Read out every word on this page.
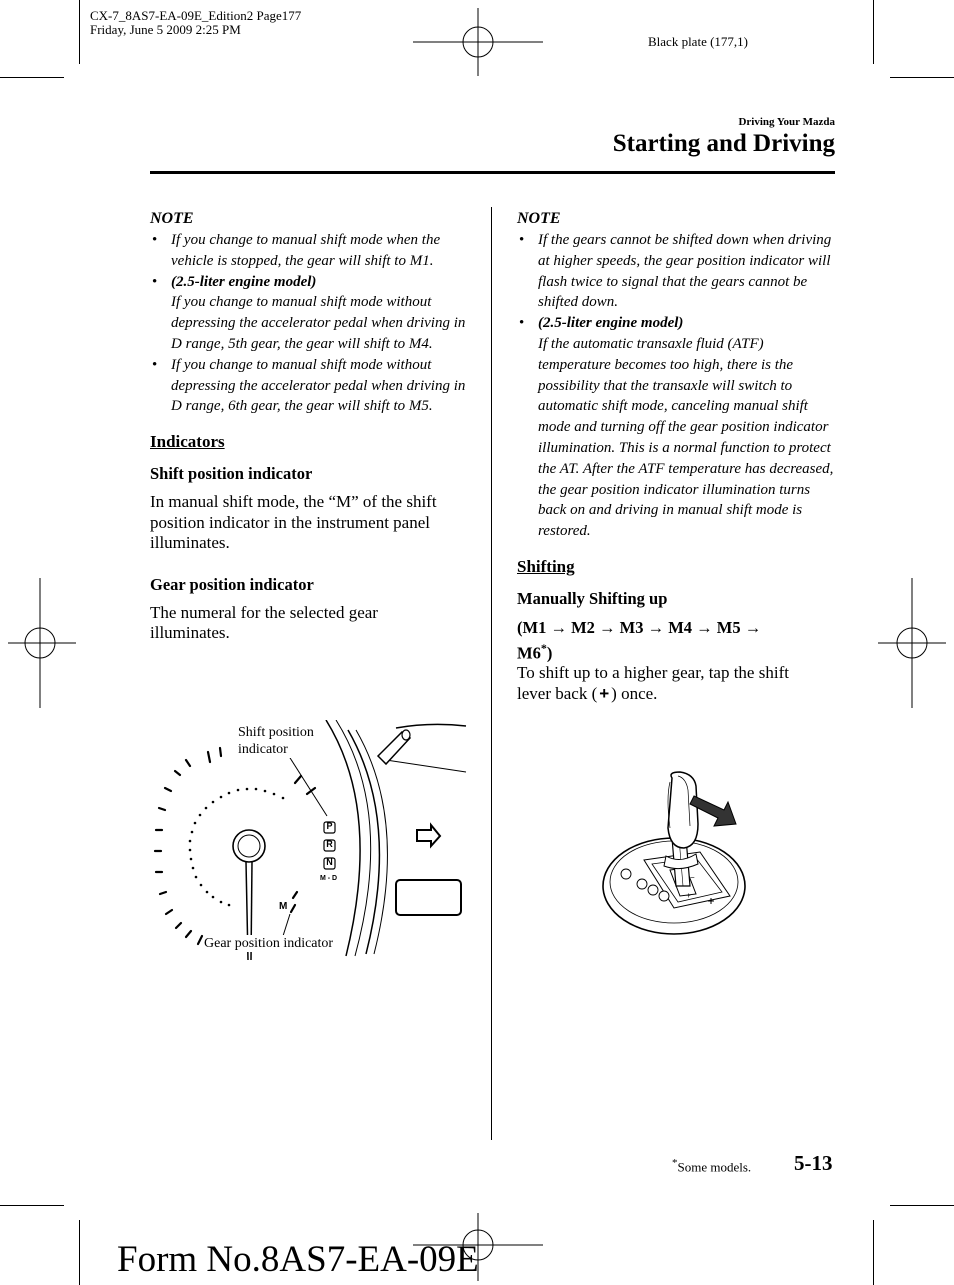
CX-7_8AS7-EA-09E_Edition2 Page177
Friday, June 5 2009 2:25 PM
Black plate (177,1)
Driving Your Mazda
Starting and Driving
NOTE
• If you change to manual shift mode when the vehicle is stopped, the gear will shift to M1.
• (2.5-liter engine model)
If you change to manual shift mode without depressing the accelerator pedal when driving in D range, 5th gear, the gear will shift to M4.
• If you change to manual shift mode without depressing the accelerator pedal when driving in D range, 6th gear, the gear will shift to M5.
Indicators
Shift position indicator
In manual shift mode, the “M” of the shift position indicator in the instrument panel illuminates.
Gear position indicator
The numeral for the selected gear illuminates.
P
R
N
M - D
M
Shift position
indicator
Gear position indicator
NOTE
• If the gears cannot be shifted down when driving at higher speeds, the gear position indicator will flash twice to signal that the gears cannot be shifted down.
• (2.5-liter engine model)
If the automatic transaxle fluid (ATF) temperature becomes too high, there is the possibility that the transaxle will switch to automatic shift mode, canceling manual shift mode and turning off the gear position indicator illumination. This is a normal function to protect the AT. After the ATF temperature has decreased, the gear position indicator illumination turns back on and driving in manual shift mode is restored.
Shifting
Manually Shifting up
(M1 → M2 → M3 → M4 → M5 →
M6*)
To shift up to a higher gear, tap the shift
lever back ( + ) once.
+
−
*Some models. 5-13
Form No.8AS7-EA-09E
